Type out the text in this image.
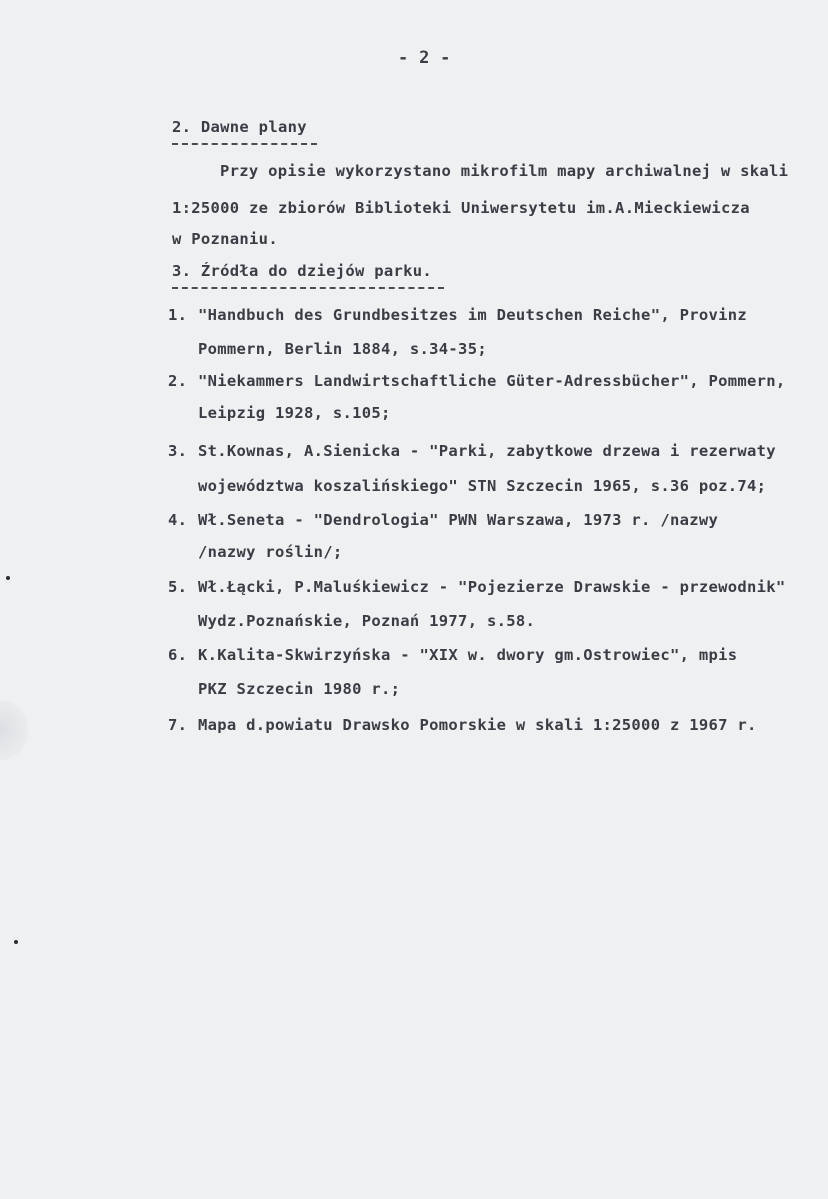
- 2 -
2. Dawne plany
Przy opisie wykorzystano mikrofilm mapy archiwalnej w skali
1:25000 ze zbiorów Biblioteki Uniwersytetu im.A.Mieckiewicza
w Poznaniu.
3. Źródła do dziejów parku.
1. "Handbuch des Grundbesitzes im Deutschen Reiche", Provinz
Pommern, Berlin 1884, s.34-35;
2. "Niekammers Landwirtschaftliche Güter-Adressbücher", Pommern,
Leipzig 1928, s.105;
3. St.Kownas, A.Sienicka - "Parki, zabytkowe drzewa i rezerwaty
województwa koszalińskiego" STN Szczecin 1965, s.36 poz.74;
4. Wł.Seneta - "Dendrologia" PWN Warszawa, 1973 r. /nazwy
/nazwy roślin/;
5. Wł.Łącki, P.Maluśkiewicz - "Pojezierze Drawskie - przewodnik"
Wydz.Poznańskie, Poznań 1977, s.58.
6. K.Kalita-Skwirzyńska - "XIX w. dwory gm.Ostrowiec", mpis
PKZ Szczecin 1980 r.;
7. Mapa d.powiatu Drawsko Pomorskie w skali 1:25000 z 1967 r.
